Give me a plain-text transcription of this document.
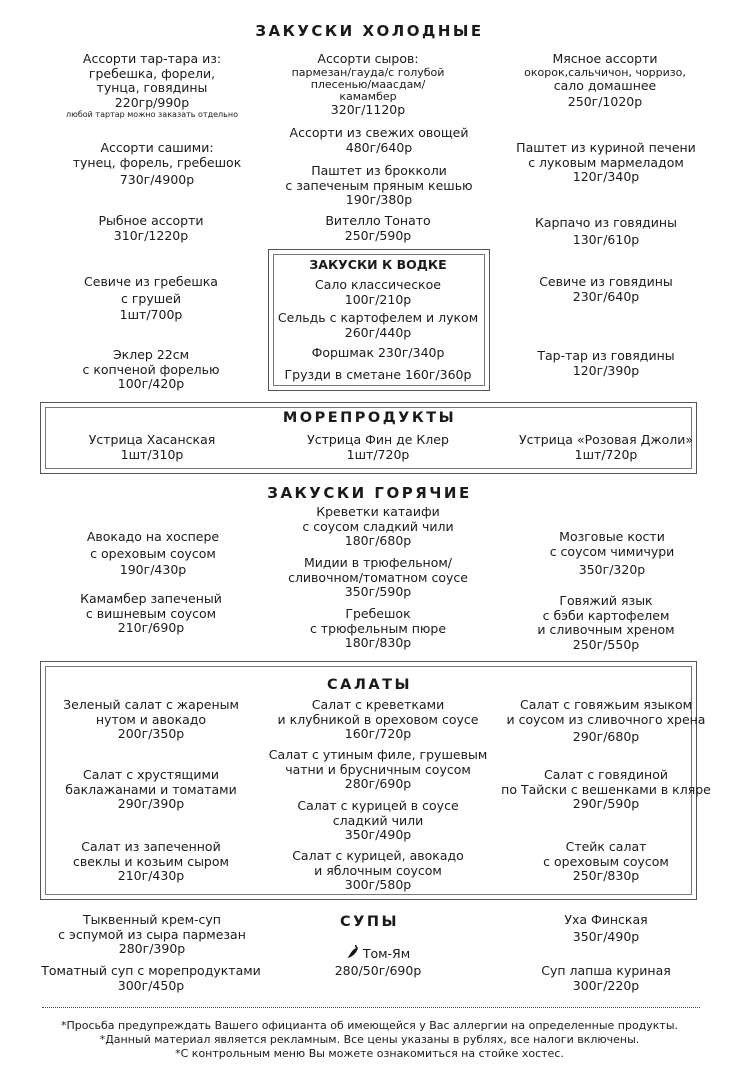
ЗАКУСКИ ХОЛОДНЫЕ
Ассорти тар-тара из:
гребешка, форели,
тунца, говядины
220гр/990р
любой тартар можно заказать отдельно
Ассорти сашими:
тунец, форель, гребешок
730г/4900р
Рыбное ассорти
310г/1220р
Севиче из гребешка
с грушей
1шт/700р
Эклер 22см
с копченой форелью
100г/420р
Ассорти сыров:
пармезан/гауда/с голубой
плесенью/маасдам/
камамбер
320г/1120р
Ассорти из свежих овощей
480г/640р
Паштет из брокколи
с запеченым пряным кешью
190г/380р
Вителло Тонато
250г/590р
Мясное ассорти
окорок,сальчичон, чорризо,
сало домашнее
250г/1020р
Паштет из куриной печени
с луковым мармеладом
120г/340р
Карпачо из говядины
130г/610р
Севиче из говядины
230г/640р
Тар-тар из говядины
120г/390р
ЗАКУСКИ К ВОДКЕ
Сало классическое
100г/210р
Сельдь с картофелем и луком
260г/440р
Форшмак 230г/340р
Грузди в сметане 160г/360р
МОРЕПРОДУКТЫ
Устрица Хасанская
1шт/310р
Устрица Фин де Клер
1шт/720р
Устрица «Розовая Джоли»
1шт/720р
ЗАКУСКИ ГОРЯЧИЕ
Авокадо на хоспере
с ореховым соусом
190г/430р
Камамбер запеченый
с вишневым соусом
210г/690р
Креветки катаифи
с соусом сладкий чили
180г/680р
Мидии в трюфельном/
сливочном/томатном соусе
350г/590р
Гребешок
с трюфельным пюре
180г/830р
Мозговые кости
с соусом чимичури
350г/320р
Говяжий язык
с бэби картофелем
и сливочным хреном
250г/550р
САЛАТЫ
Зеленый салат с жареным
нутом и авокадо
200г/350р
Салат с хрустящими
баклажанами и томатами
290г/390р
Салат из запеченной
свеклы и козьим сыром
210г/430р
Салат с креветками
и клубникой в ореховом соусе
160г/720р
Салат с утиным филе, грушевым
чатни и брусничным соусом
280г/690р
Салат с курицей в соусе
сладкий чили
350г/490р
Салат с курицей, авокадо
и яблочным соусом
300г/580р
Салат с говяжьим языком
и соусом из сливочного хрена
290г/680р
Салат с говядиной
по Тайски с вешенками в кляре
290г/590р
Стейк салат
с ореховым соусом
250г/830р
СУПЫ
Тыквенный крем-суп
с эспумой из сыра пармезан
280г/390р
Томатный суп с морепродуктами
300г/450р
Том-Ям
280/50г/690р
Уха Финская
350г/490р
Суп лапша куриная
300г/220р
*Просьба предупреждать Вашего официанта об имеющейся у Вас аллергии на определенные продукты.
*Данный материал является рекламным. Все цены указаны в рублях, все налоги включены.
*С контрольным меню Вы можете ознакомиться на стойке хостес.
